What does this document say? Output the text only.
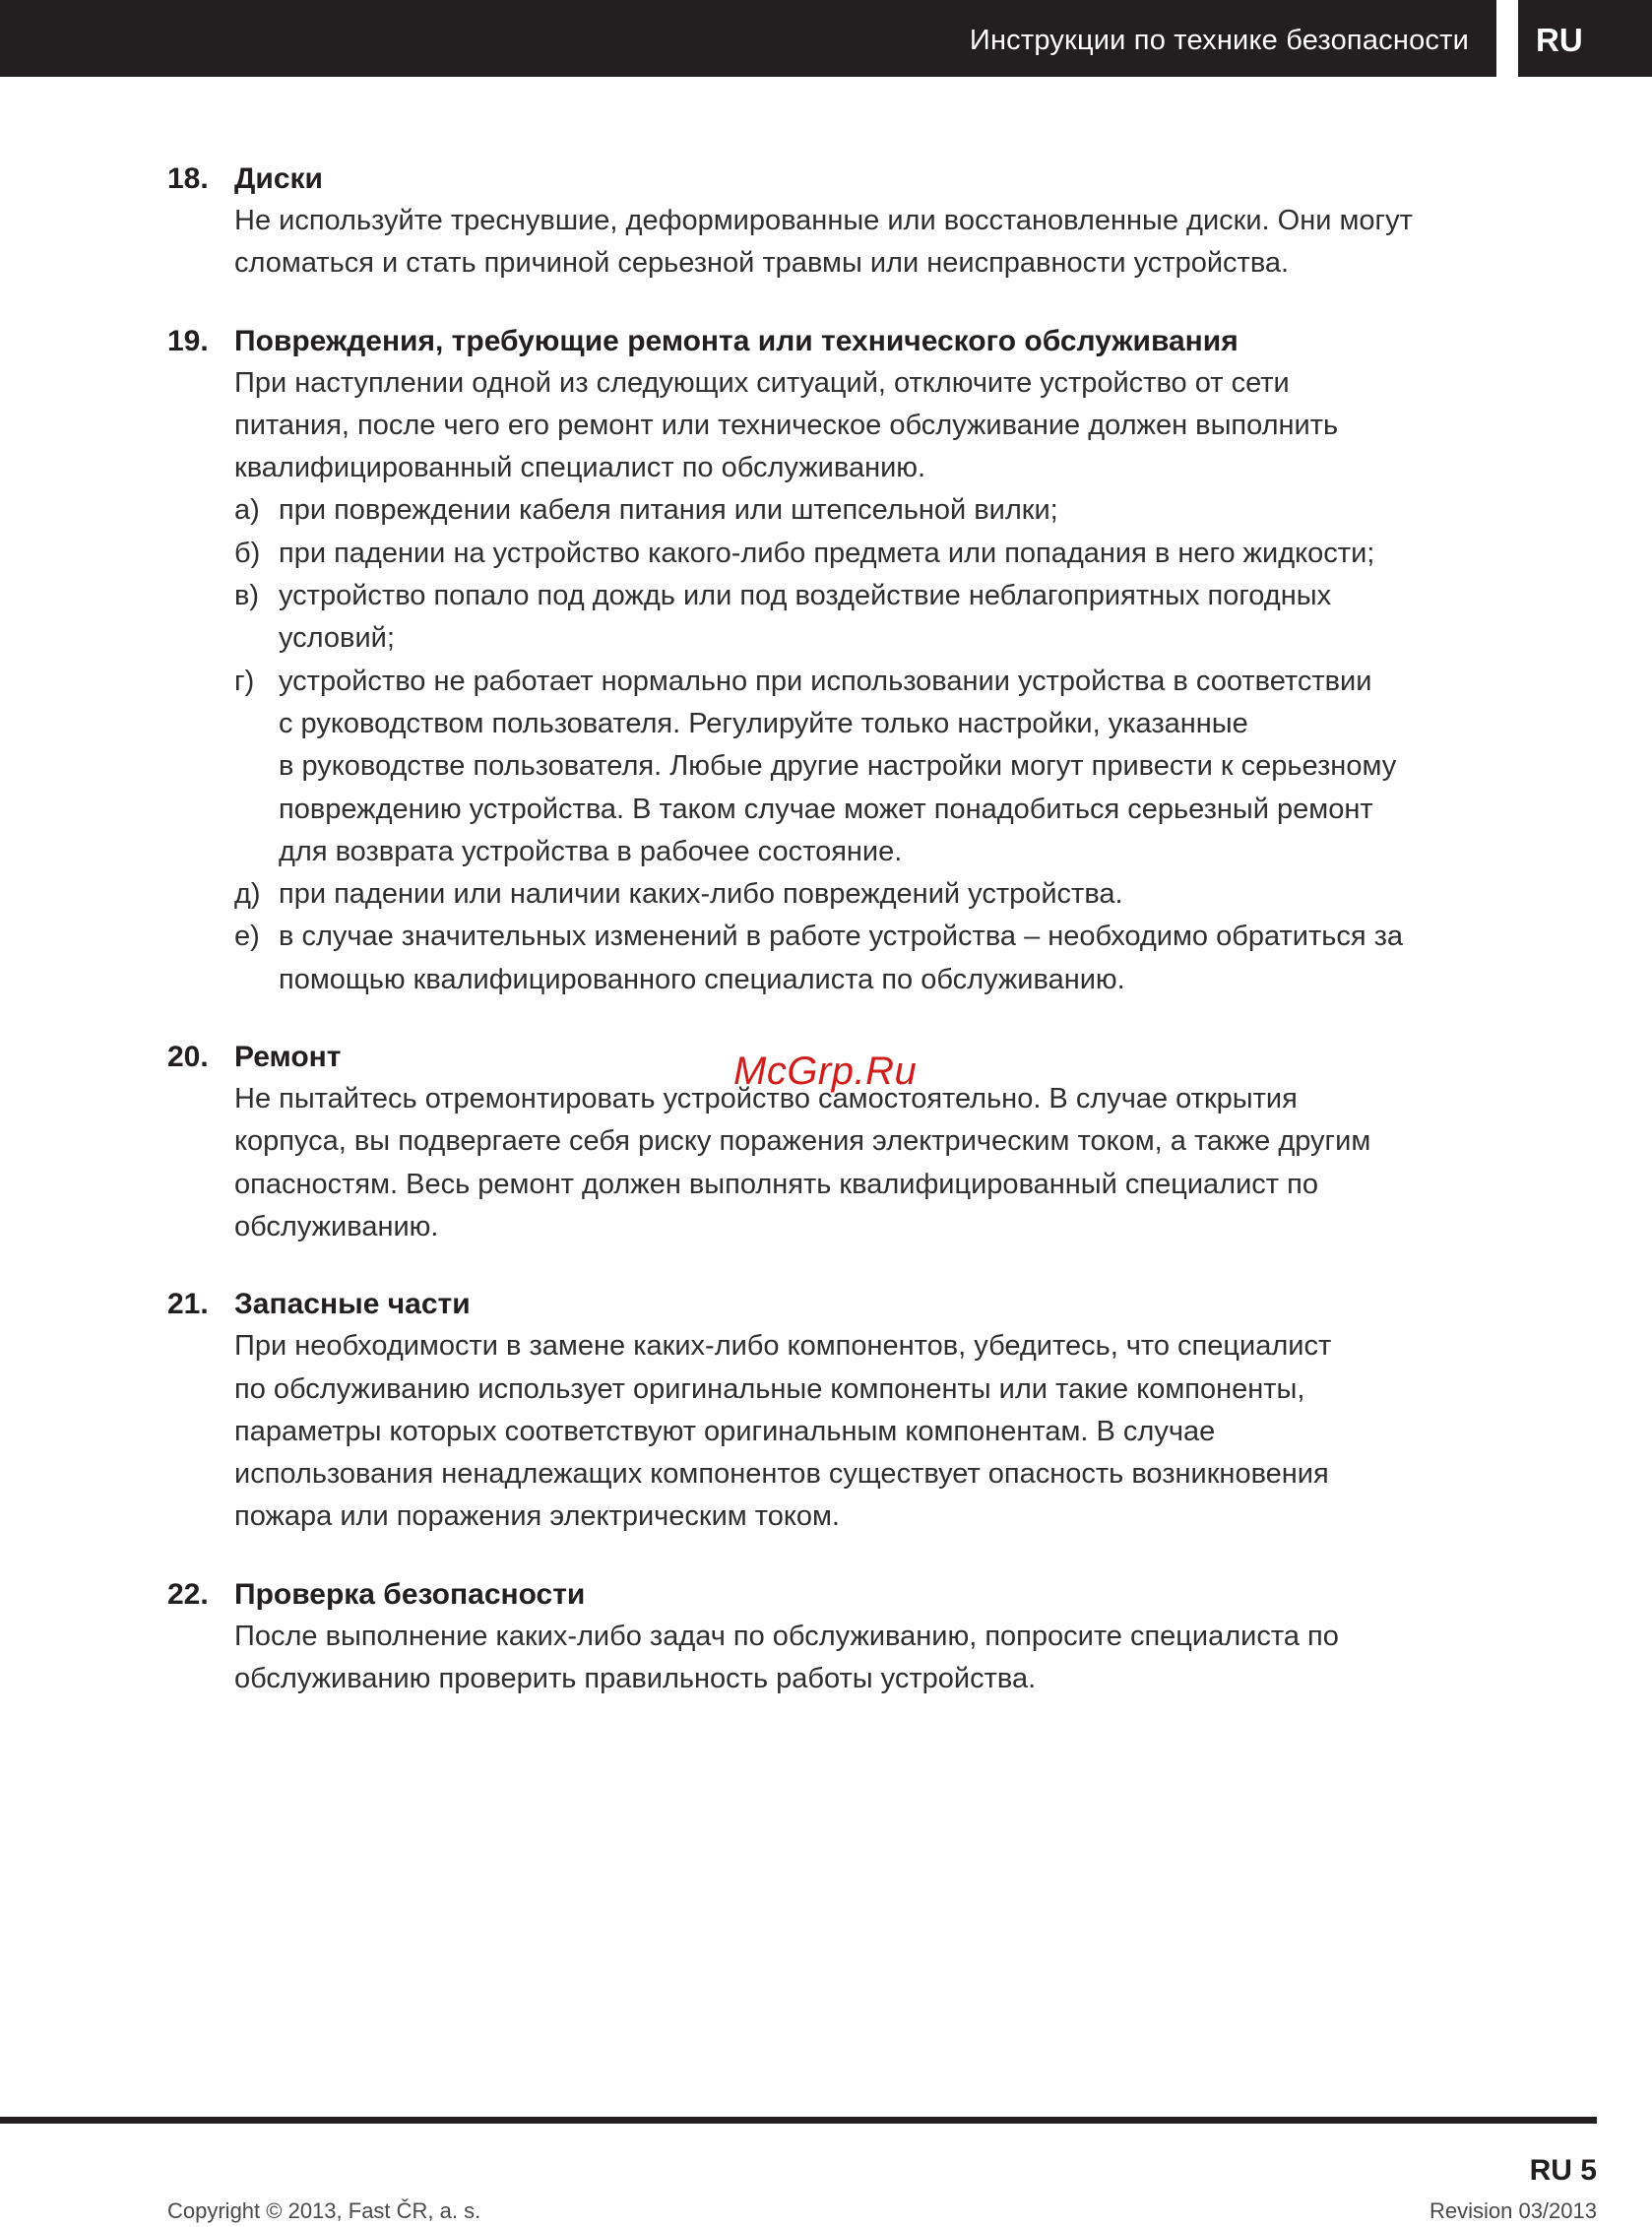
Инструкции по технике безопасности RU
18. Диски
Не используйте треснувшие, деформированные или восстановленные диски. Они могут
сломаться и стать причиной серьезной травмы или неисправности устройства.
19. Повреждения, требующие ремонта или технического обслуживания
При наступлении одной из следующих ситуаций, отключите устройство от сети
питания, после чего его ремонт или техническое обслуживание должен выполнить
квалифицированный специалист по обслуживанию.
a) при повреждении кабеля питания или штепсельной вилки;
б) при падении на устройство какого-либо предмета или попадания в него жидкости;
в) устройство попало под дождь или под воздействие неблагоприятных погодных
условий;
г) устройство не работает нормально при использовании устройства в соответствии
с руководством пользователя. Регулируйте только настройки, указанные
в руководстве пользователя. Любые другие настройки могут привести к серьезному
повреждению устройства. В таком случае может понадобиться серьезный ремонт
для возврата устройства в рабочее состояние.
д) при падении или наличии каких-либо повреждений устройства.
е) в случае значительных изменений в работе устройства – необходимо обратиться за
помощью квалифицированного специалиста по обслуживанию.
20. Ремонт
Не пытайтесь отремонтировать устройство самостоятельно. В случае открытия
корпуса, вы подвергаете себя риску поражения электрическим током, а также другим
опасностям. Весь ремонт должен выполнять квалифицированный специалист по
обслуживанию.
21. Запасные части
При необходимости в замене каких-либо компонентов, убедитесь, что специалист
по обслуживанию использует оригинальные компоненты или такие компоненты,
параметры которых соответствуют оригинальным компонентам. В случае
использования ненадлежащих компонентов существует опасность возникновения
пожара или поражения электрическим током.
22. Проверка безопасности
После выполнение каких-либо задач по обслуживанию, попросите специалиста по
обслуживанию проверить правильность работы устройства.
McGrp.Ru
RU 5
Copyright © 2013, Fast ČR, a. s.	Revision 03/2013
